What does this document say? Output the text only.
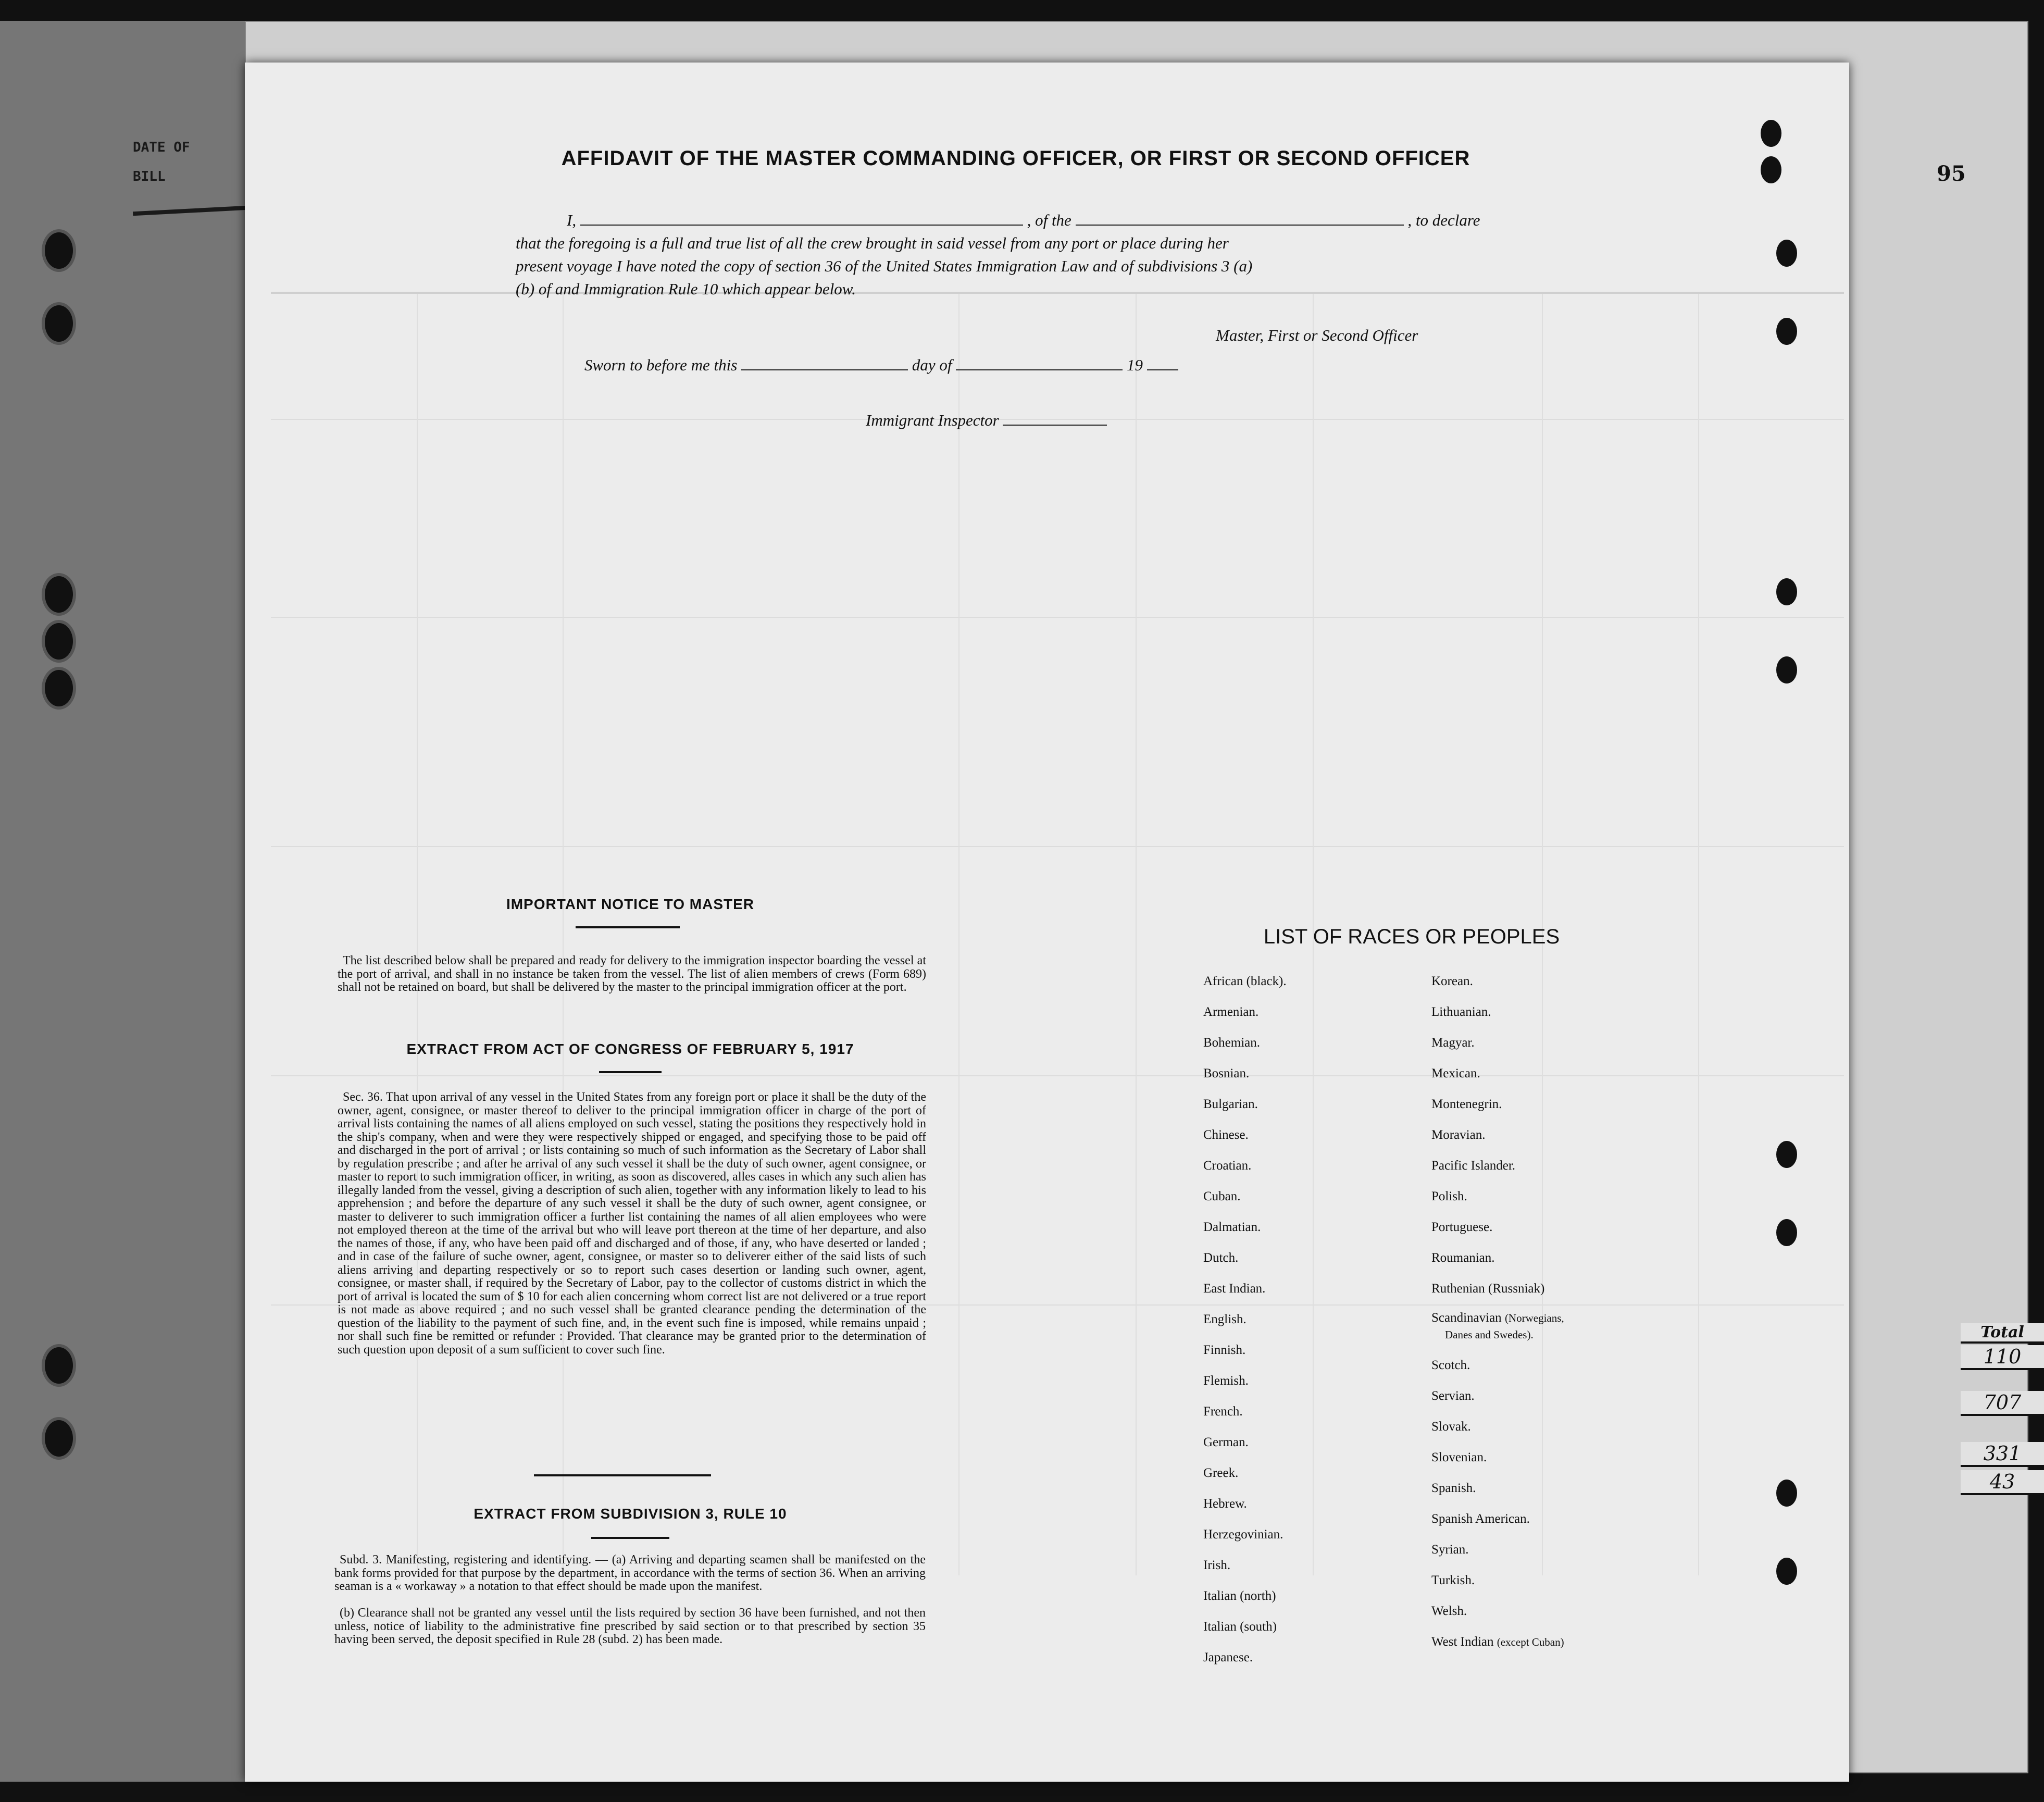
DATE OF
BILL	95
AFFIDAVIT OF THE MASTER COMMANDING OFFICER, OR FIRST OR SECOND OFFICER
I,	, of the	, to declare
that the foregoing is a full and true list of all the crew brought in said vessel from any port or place during her
present voyage I have noted the copy of section 36 of the United States Immigration Law and of subdivisions 3 (a)
(b) of and Immigration Rule 10 which appear below.
Master, First or Second Officer
Sworn to before me this	day of	19
Immigrant Inspector
IMPORTANT NOTICE TO MASTER
The list described below shall be prepared and ready for delivery to the immigration inspector boarding the vessel at the port of arrival, and shall in no instance be taken from the vessel. The list of alien members of crews (Form 689) shall not be retained on board, but shall be delivered by the master to the principal immigration officer at the port.
EXTRACT FROM ACT OF CONGRESS OF FEBRUARY 5, 1917
Sec. 36. That upon arrival of any vessel in the United States from any foreign port or place it shall be the duty of the owner, agent, consignee, or master thereof to deliver to the principal immigration officer in charge of the port of arrival lists containing the names of all aliens employed on such vessel, stating the positions they respectively hold in the ship's company, when and were they were respectively shipped or engaged, and specifying those to be paid off and discharged in the port of arrival ; or lists containing so much of such information as the Secretary of Labor shall by regulation prescribe ; and after he arrival of any such vessel it shall be the duty of such owner, agent consignee, or master to report to such immigration officer, in writing, as soon as discovered, alles cases in which any such alien has illegally landed from the vessel, giving a description of such alien, together with any information likely to lead to his apprehension ; and before the departure of any such vessel it shall be the duty of such owner, agent consignee, or master to deliverer to such immigration officer a further list containing the names of all alien employees who were not employed thereon at the time of the arrival but who will leave port thereon at the time of her departure, and also the names of those, if any, who have been paid off and discharged and of those, if any, who have deserted or landed ; and in case of the failure of suche owner, agent, consignee, or master so to deliverer either of the said lists of such aliens arriving and departing respectively or so to report such cases desertion or landing such owner, agent, consignee, or master shall, if required by the Secretary of Labor, pay to the collector of customs district in which the port of arrival is located the sum of $ 10 for each alien concerning whom correct list are not delivered or a true report is not made as above required ; and no such vessel shall be granted clearance pending the determination of the question of the liability to the payment of such fine, and, in the event such fine is imposed, while remains unpaid ; nor shall such fine be remitted or refunder : Provided. That clearance may be granted prior to the determination of such question upon deposit of a sum sufficient to cover such fine.
EXTRACT FROM SUBDIVISION 3, RULE 10
Subd. 3. Manifesting, registering and identifying. — (a) Arriving and departing seamen shall be manifested on the bank forms provided for that purpose by the department, in accordance with the terms of section 36. When an arriving seaman is a « workaway » a notation to that effect should be made upon the manifest.
(b) Clearance shall not be granted any vessel until the lists required by section 36 have been furnished, and not then unless, notice of liability to the administrative fine prescribed by said section or to that prescribed by section 35 having been served, the deposit specified in Rule 28 (subd. 2) has been made.
LIST OF RACES OR PEOPLES
African (black).
Armenian.
Bohemian.
Bosnian.
Bulgarian.
Chinese.
Croatian.
Cuban.
Dalmatian.
Dutch.
East Indian.
English.
Finnish.
Flemish.
French.
German.
Greek.
Hebrew.
Herzegovinian.
Irish.
Italian (north)
Italian (south)
Japanese.
Korean.
Lithuanian.
Magyar.
Mexican.
Montenegrin.
Moravian.
Pacific Islander.
Polish.
Portuguese.
Roumanian.
Ruthenian (Russniak)
Scandinavian (Norwegians,
Danes and Swedes).
Scotch.
Servian.
Slovak.
Slovenian.
Spanish.
Spanish American.
Syrian.
Turkish.
Welsh.
West Indian (except Cuban)
Total
110
707
331
43
